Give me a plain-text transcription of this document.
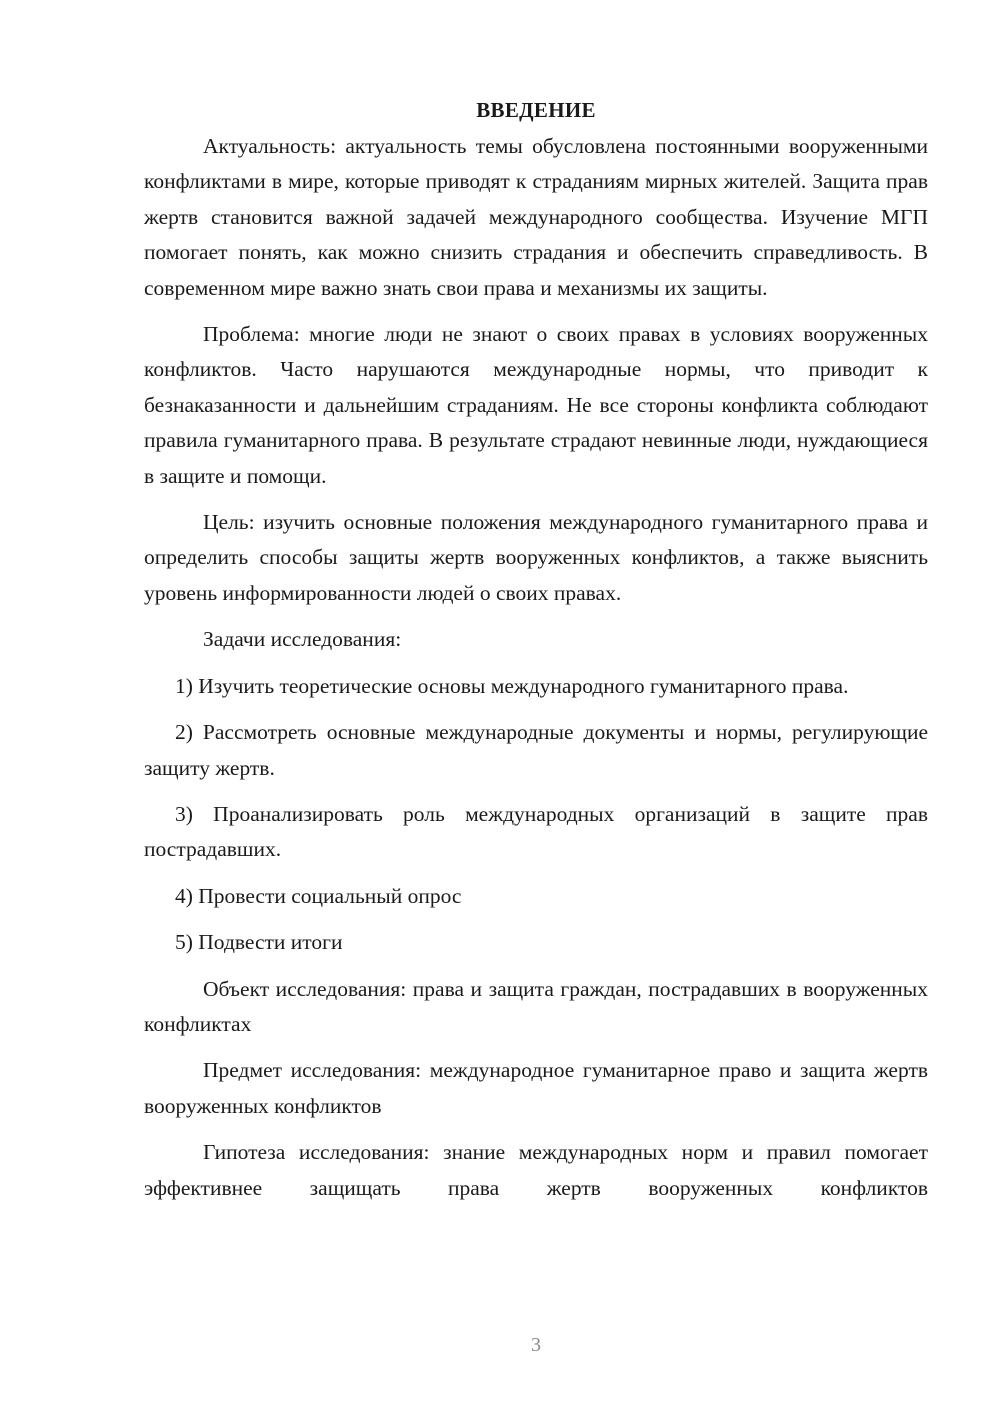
ВВЕДЕНИЕ

Актуальность: актуальность темы обусловлена постоянными вооруженными конфликтами в мире, которые приводят к страданиям мирных жителей. Защита прав жертв становится важной задачей международного сообщества. Изучение МГП помогает понять, как можно снизить страдания и обеспечить справедливость. В современном мире важно знать свои права и механизмы их защиты.

Проблема: многие люди не знают о своих правах в условиях вооруженных конфликтов. Часто нарушаются международные нормы, что приводит к безнаказанности и дальнейшим страданиям. Не все стороны конфликта соблюдают правила гуманитарного права. В результате страдают невинные люди, нуждающиеся в защите и помощи.

Цель: изучить основные положения международного гуманитарного права и определить способы защиты жертв вооруженных конфликтов, а также выяснить уровень информированности людей о своих правах.

Задачи исследования:

1) Изучить теоретические основы международного гуманитарного права.

2) Рассмотреть основные международные документы и нормы, регулирующие защиту жертв.

3) Проанализировать роль международных организаций в защите прав пострадавших.

4) Провести социальный опрос

5) Подвести итоги

Объект исследования: права и защита граждан, пострадавших в вооруженных конфликтах

Предмет исследования: международное гуманитарное право и защита жертв вооруженных конфликтов

Гипотеза исследования: знание международных норм и правил помогает эффективнее защищать права жертв вооруженных конфликтов

3
